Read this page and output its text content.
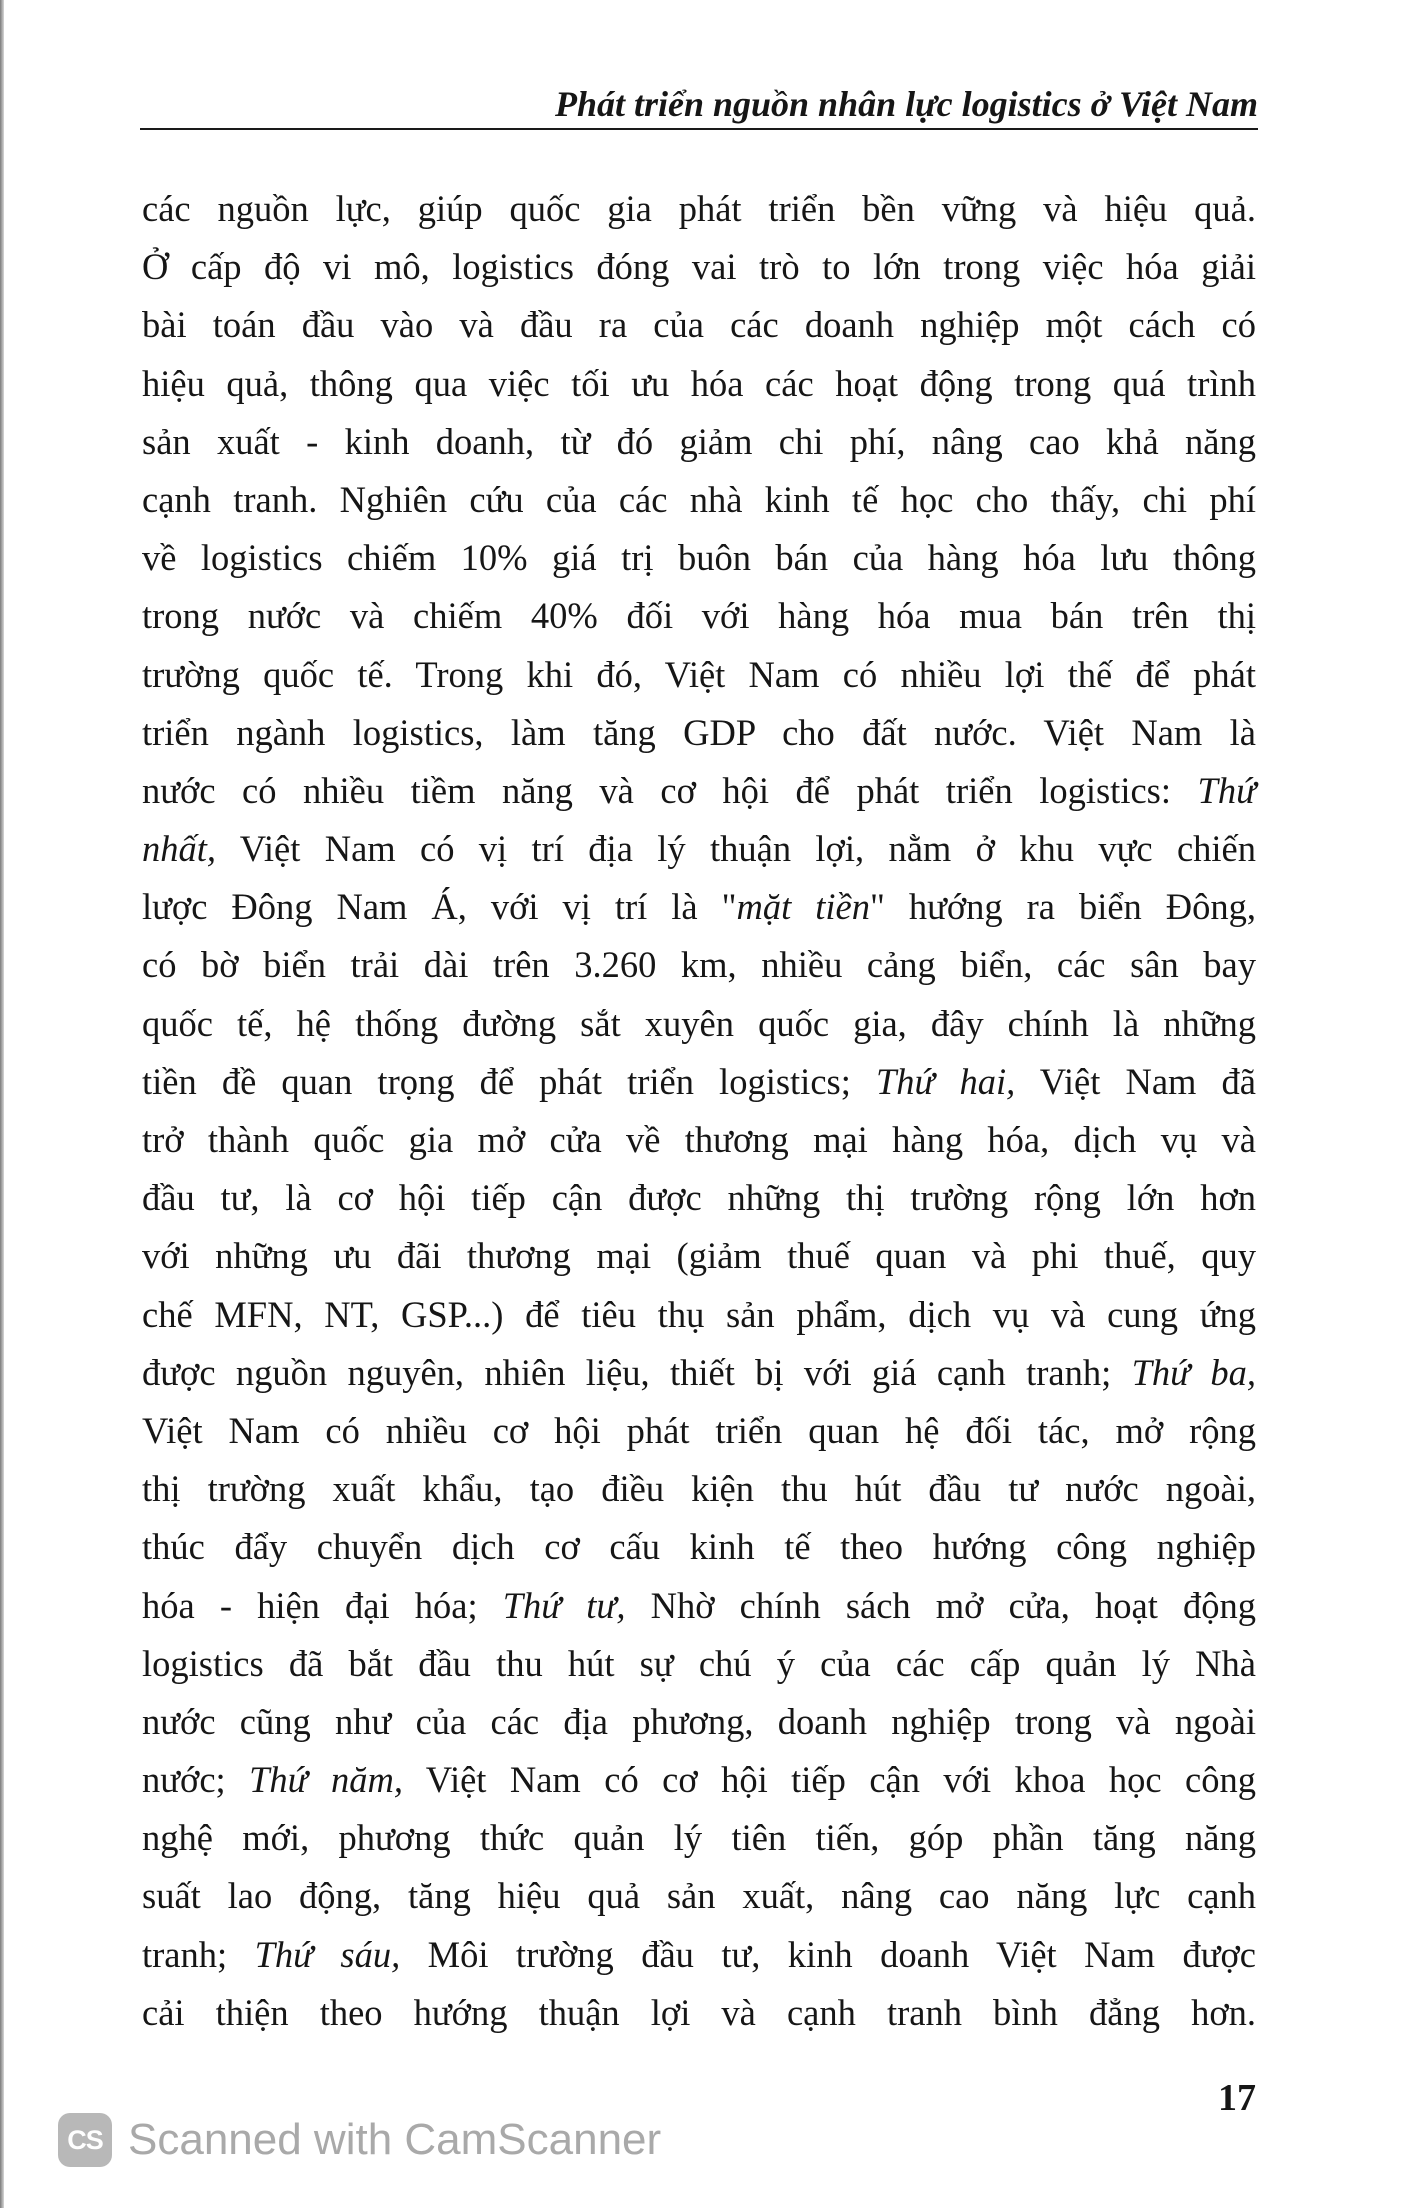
Phát triển nguồn nhân lực logistics ở Việt Nam
các nguồn lực, giúp quốc gia phát triển bền vững và hiệu quả.
Ở cấp độ vi mô, logistics đóng vai trò to lớn trong việc hóa giải
bài toán đầu vào và đầu ra của các doanh nghiệp một cách có
hiệu quả, thông qua việc tối ưu hóa các hoạt động trong quá trình
sản xuất - kinh doanh, từ đó giảm chi phí, nâng cao khả năng
cạnh tranh. Nghiên cứu của các nhà kinh tế học cho thấy, chi phí
về logistics chiếm 10% giá trị buôn bán của hàng hóa lưu thông
trong nước và chiếm 40% đối với hàng hóa mua bán trên thị
trường quốc tế. Trong khi đó, Việt Nam có nhiều lợi thế để phát
triển ngành logistics, làm tăng GDP cho đất nước. Việt Nam là
nước có nhiều tiềm năng và cơ hội để phát triển logistics: Thứ
nhất, Việt Nam có vị trí địa lý thuận lợi, nằm ở khu vực chiến
lược Đông Nam Á, với vị trí là "mặt tiền" hướng ra biển Đông,
có bờ biển trải dài trên 3.260 km, nhiều cảng biển, các sân bay
quốc tế, hệ thống đường sắt xuyên quốc gia, đây chính là những
tiền đề quan trọng để phát triển logistics; Thứ hai, Việt Nam đã
trở thành quốc gia mở cửa về thương mại hàng hóa, dịch vụ và
đầu tư, là cơ hội tiếp cận được những thị trường rộng lớn hơn
với những ưu đãi thương mại (giảm thuế quan và phi thuế, quy
chế MFN, NT, GSP...) để tiêu thụ sản phẩm, dịch vụ và cung ứng
được nguồn nguyên, nhiên liệu, thiết bị với giá cạnh tranh; Thứ ba,
Việt Nam có nhiều cơ hội phát triển quan hệ đối tác, mở rộng
thị trường xuất khẩu, tạo điều kiện thu hút đầu tư nước ngoài,
thúc đẩy chuyển dịch cơ cấu kinh tế theo hướng công nghiệp
hóa - hiện đại hóa; Thứ tư, Nhờ chính sách mở cửa, hoạt động
logistics đã bắt đầu thu hút sự chú ý của các cấp quản lý Nhà
nước cũng như của các địa phương, doanh nghiệp trong và ngoài
nước; Thứ năm, Việt Nam có cơ hội tiếp cận với khoa học công
nghệ mới, phương thức quản lý tiên tiến, góp phần tăng năng
suất lao động, tăng hiệu quả sản xuất, nâng cao năng lực cạnh
tranh; Thứ sáu, Môi trường đầu tư, kinh doanh Việt Nam được
cải thiện theo hướng thuận lợi và cạnh tranh bình đẳng hơn.
17
CS Scanned with CamScanner
